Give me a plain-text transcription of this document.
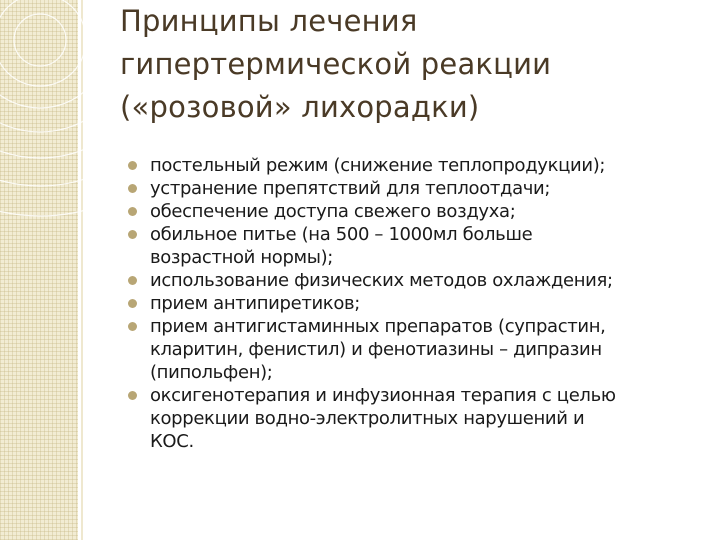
Принципы лечения
гипертермической реакции
(«розовой» лихорадки)
постельный режим (снижение теплопродукции);
устранение препятствий для теплоотдачи;
обеспечение доступа свежего воздуха;
обильное питье (на 500 – 1000мл больше
возрастной нормы);
использование физических методов охлаждения;
прием антипиретиков;
прием антигистаминных препаратов (супрастин,
кларитин, фенистил) и фенотиазины – дипразин
(пипольфен);
оксигенотерапия и инфузионная терапия с целью
коррекции водно-электролитных нарушений и
КОС.
